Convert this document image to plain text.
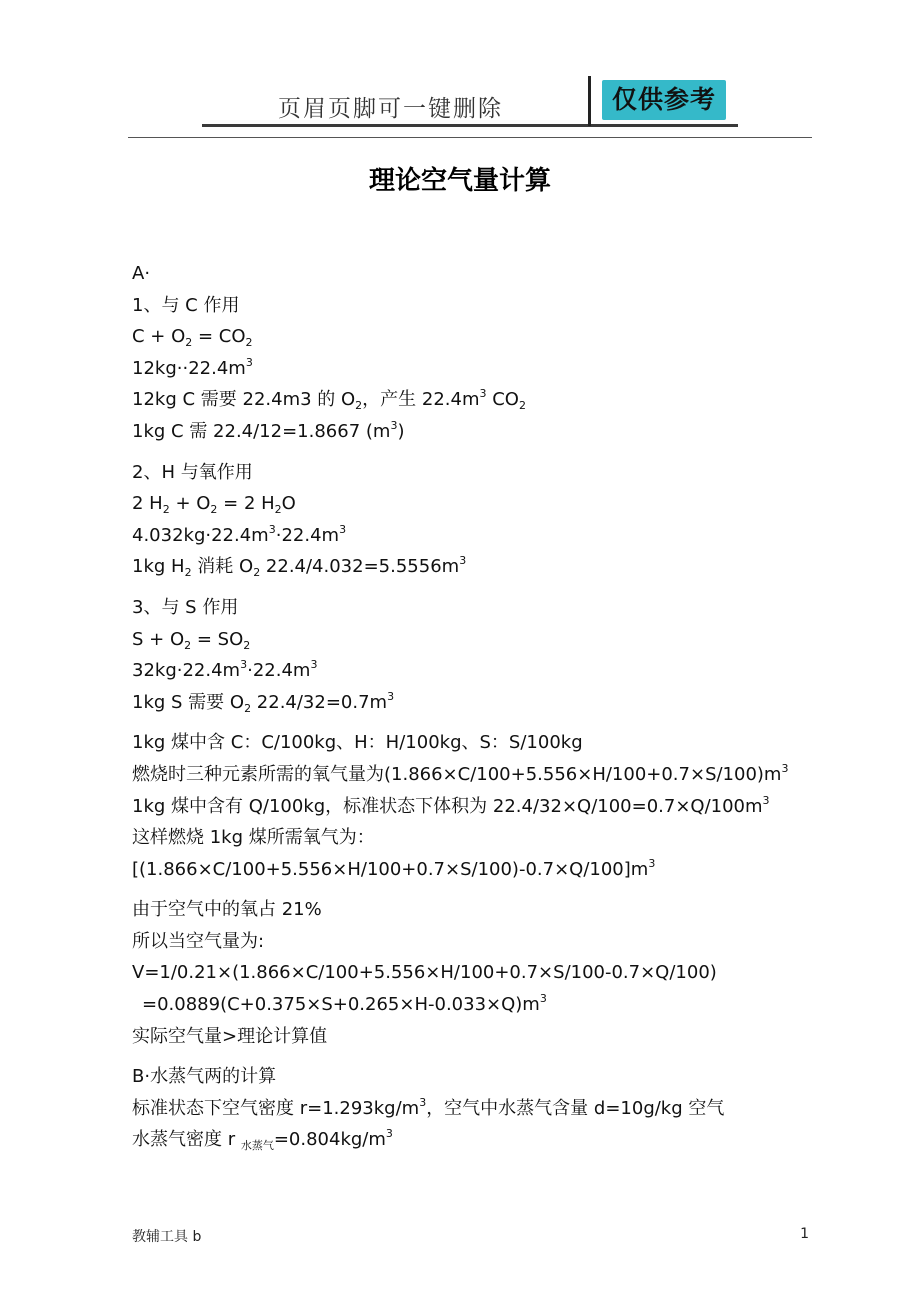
页眉页脚可一键删除	仅供参考
理论空气量计算
A·
1、与 C 作用
$C + O_2 = CO_2$
$12kg\cdot\cdot 22.4m^3$
12kg C 需要 22.4m3 的 $O_2$，产生 $22.4m^3$ $CO_2$
1kg C 需 22.4/12=1.8667 $(m^3)$
2、H 与氧作用
2 $H_2 + O_2 = 2$ $H_2O$
$4.032kg\cdot 22.4m^3\cdot 22.4m^3$
1kg $H_2$ 消耗 $O_2$ $22.4/4.032=5.5556m^3$
3、与 S 作用
$S + O_2 = SO_2$
$32kg\cdot 22.4m^3\cdot 22.4m^3$
1kg S 需要 $O_2$ $22.4/32=0.7m^3$
1kg 煤中含 C：C/100kg、H：H/100kg、S：S/100kg
燃烧时三种元素所需的氧气量为$(1.866\times C/100+5.556\times H/100+0.7\times S/100)m^3$
1kg 煤中含有 Q/100kg，标准状态下体积为 $22.4/32\times Q/100=0.7\times Q/100m^3$
这样燃烧 1kg 煤所需氧气为：
$[(1.866\times C/100+5.556\times H/100+0.7\times S/100)-0.7\times Q/100]m^3$
由于空气中的氧占 21%
所以当空气量为:
V=1/0.21×(1.866×C/100+5.556×H/100+0.7×S/100-0.7×Q/100)
$=0.0889(C+0.375\times S+0.265\times H-0.033\times Q)m^3$
实际空气量>理论计算值
B·水蒸气两的计算
标准状态下空气密度 $r=1.293kg/m^3$，空气中水蒸气含量 d=10g/kg 空气
水蒸气密度 r $_{水蒸气}=0.804kg/m^3$
教辅工具 b	1
